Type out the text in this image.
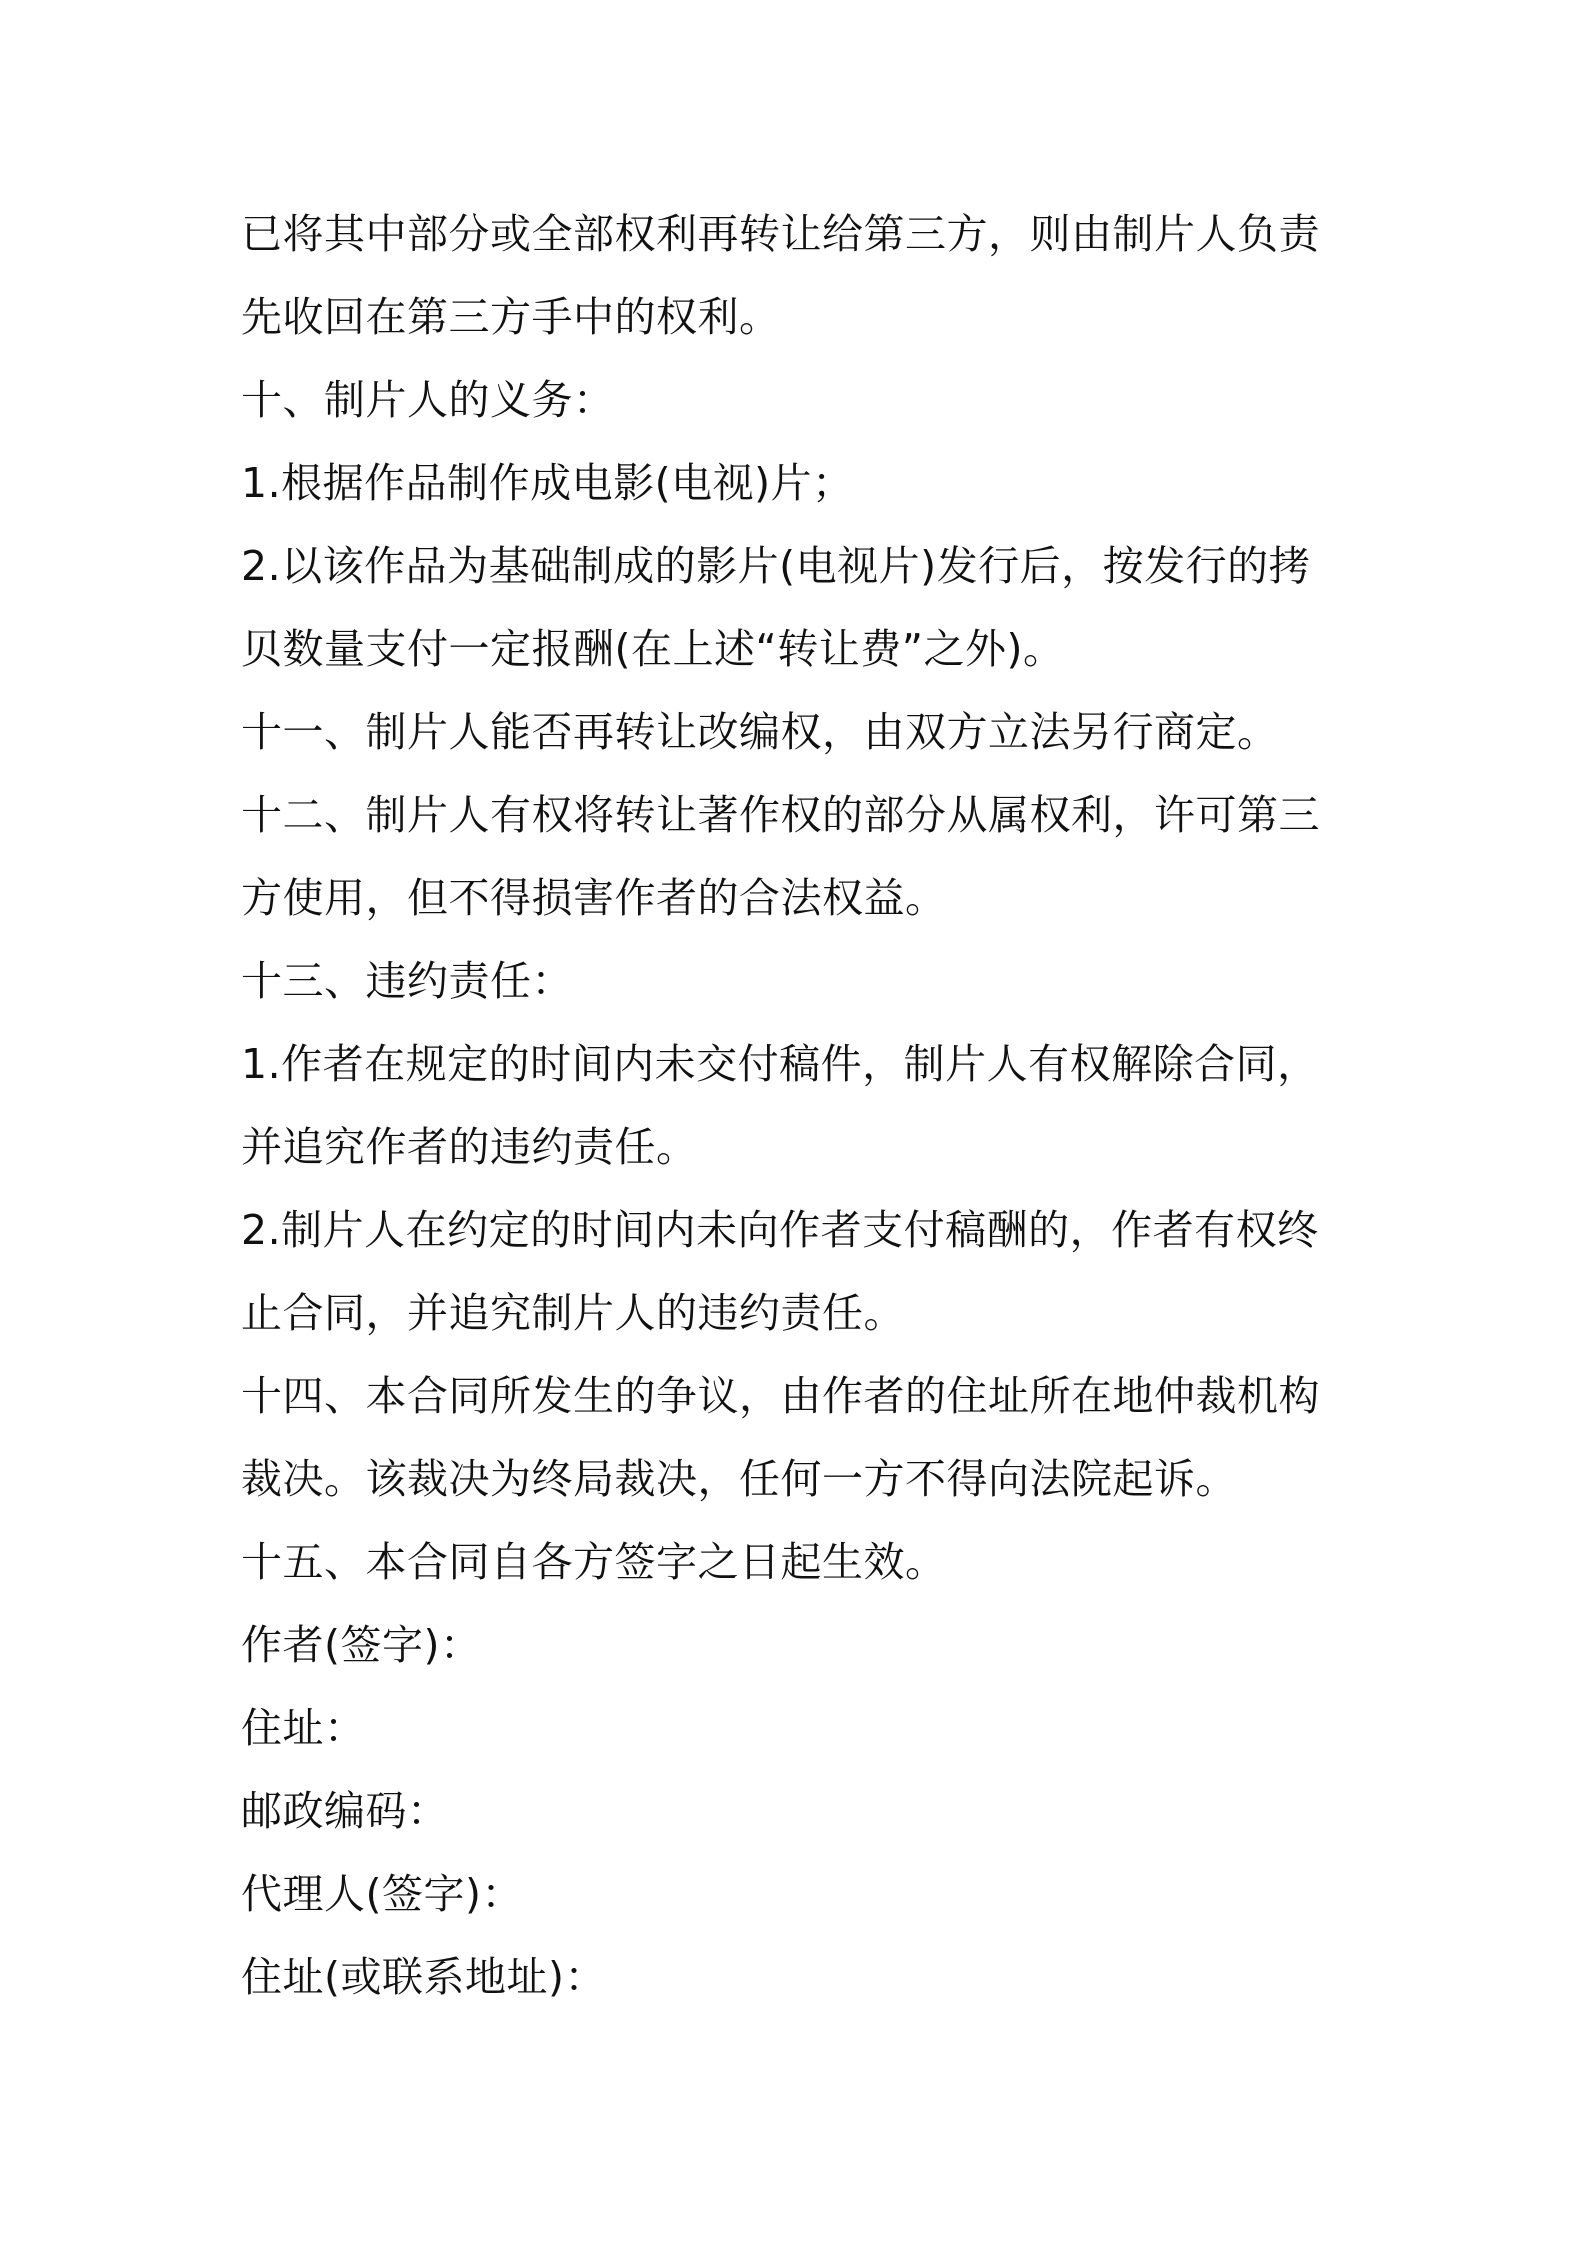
已将其中部分或全部权利再转让给第三方，则由制片人负责
先收回在第三方手中的权利。
十、制片人的义务：
1.根据作品制作成电影(电视)片；
2.以该作品为基础制成的影片(电视片)发行后，按发行的拷
贝数量支付一定报酬(在上述“转让费”之外)。
十一、制片人能否再转让改编权，由双方立法另行商定。
十二、制片人有权将转让著作权的部分从属权利，许可第三
方使用，但不得损害作者的合法权益。
十三、违约责任：
1.作者在规定的时间内未交付稿件，制片人有权解除合同，
并追究作者的违约责任。
2.制片人在约定的时间内未向作者支付稿酬的，作者有权终
止合同，并追究制片人的违约责任。
十四、本合同所发生的争议，由作者的住址所在地仲裁机构
裁决。该裁决为终局裁决，任何一方不得向法院起诉。
十五、本合同自各方签字之日起生效。
作者(签字)：
住址：
邮政编码：
代理人(签字)：
住址(或联系地址)：
